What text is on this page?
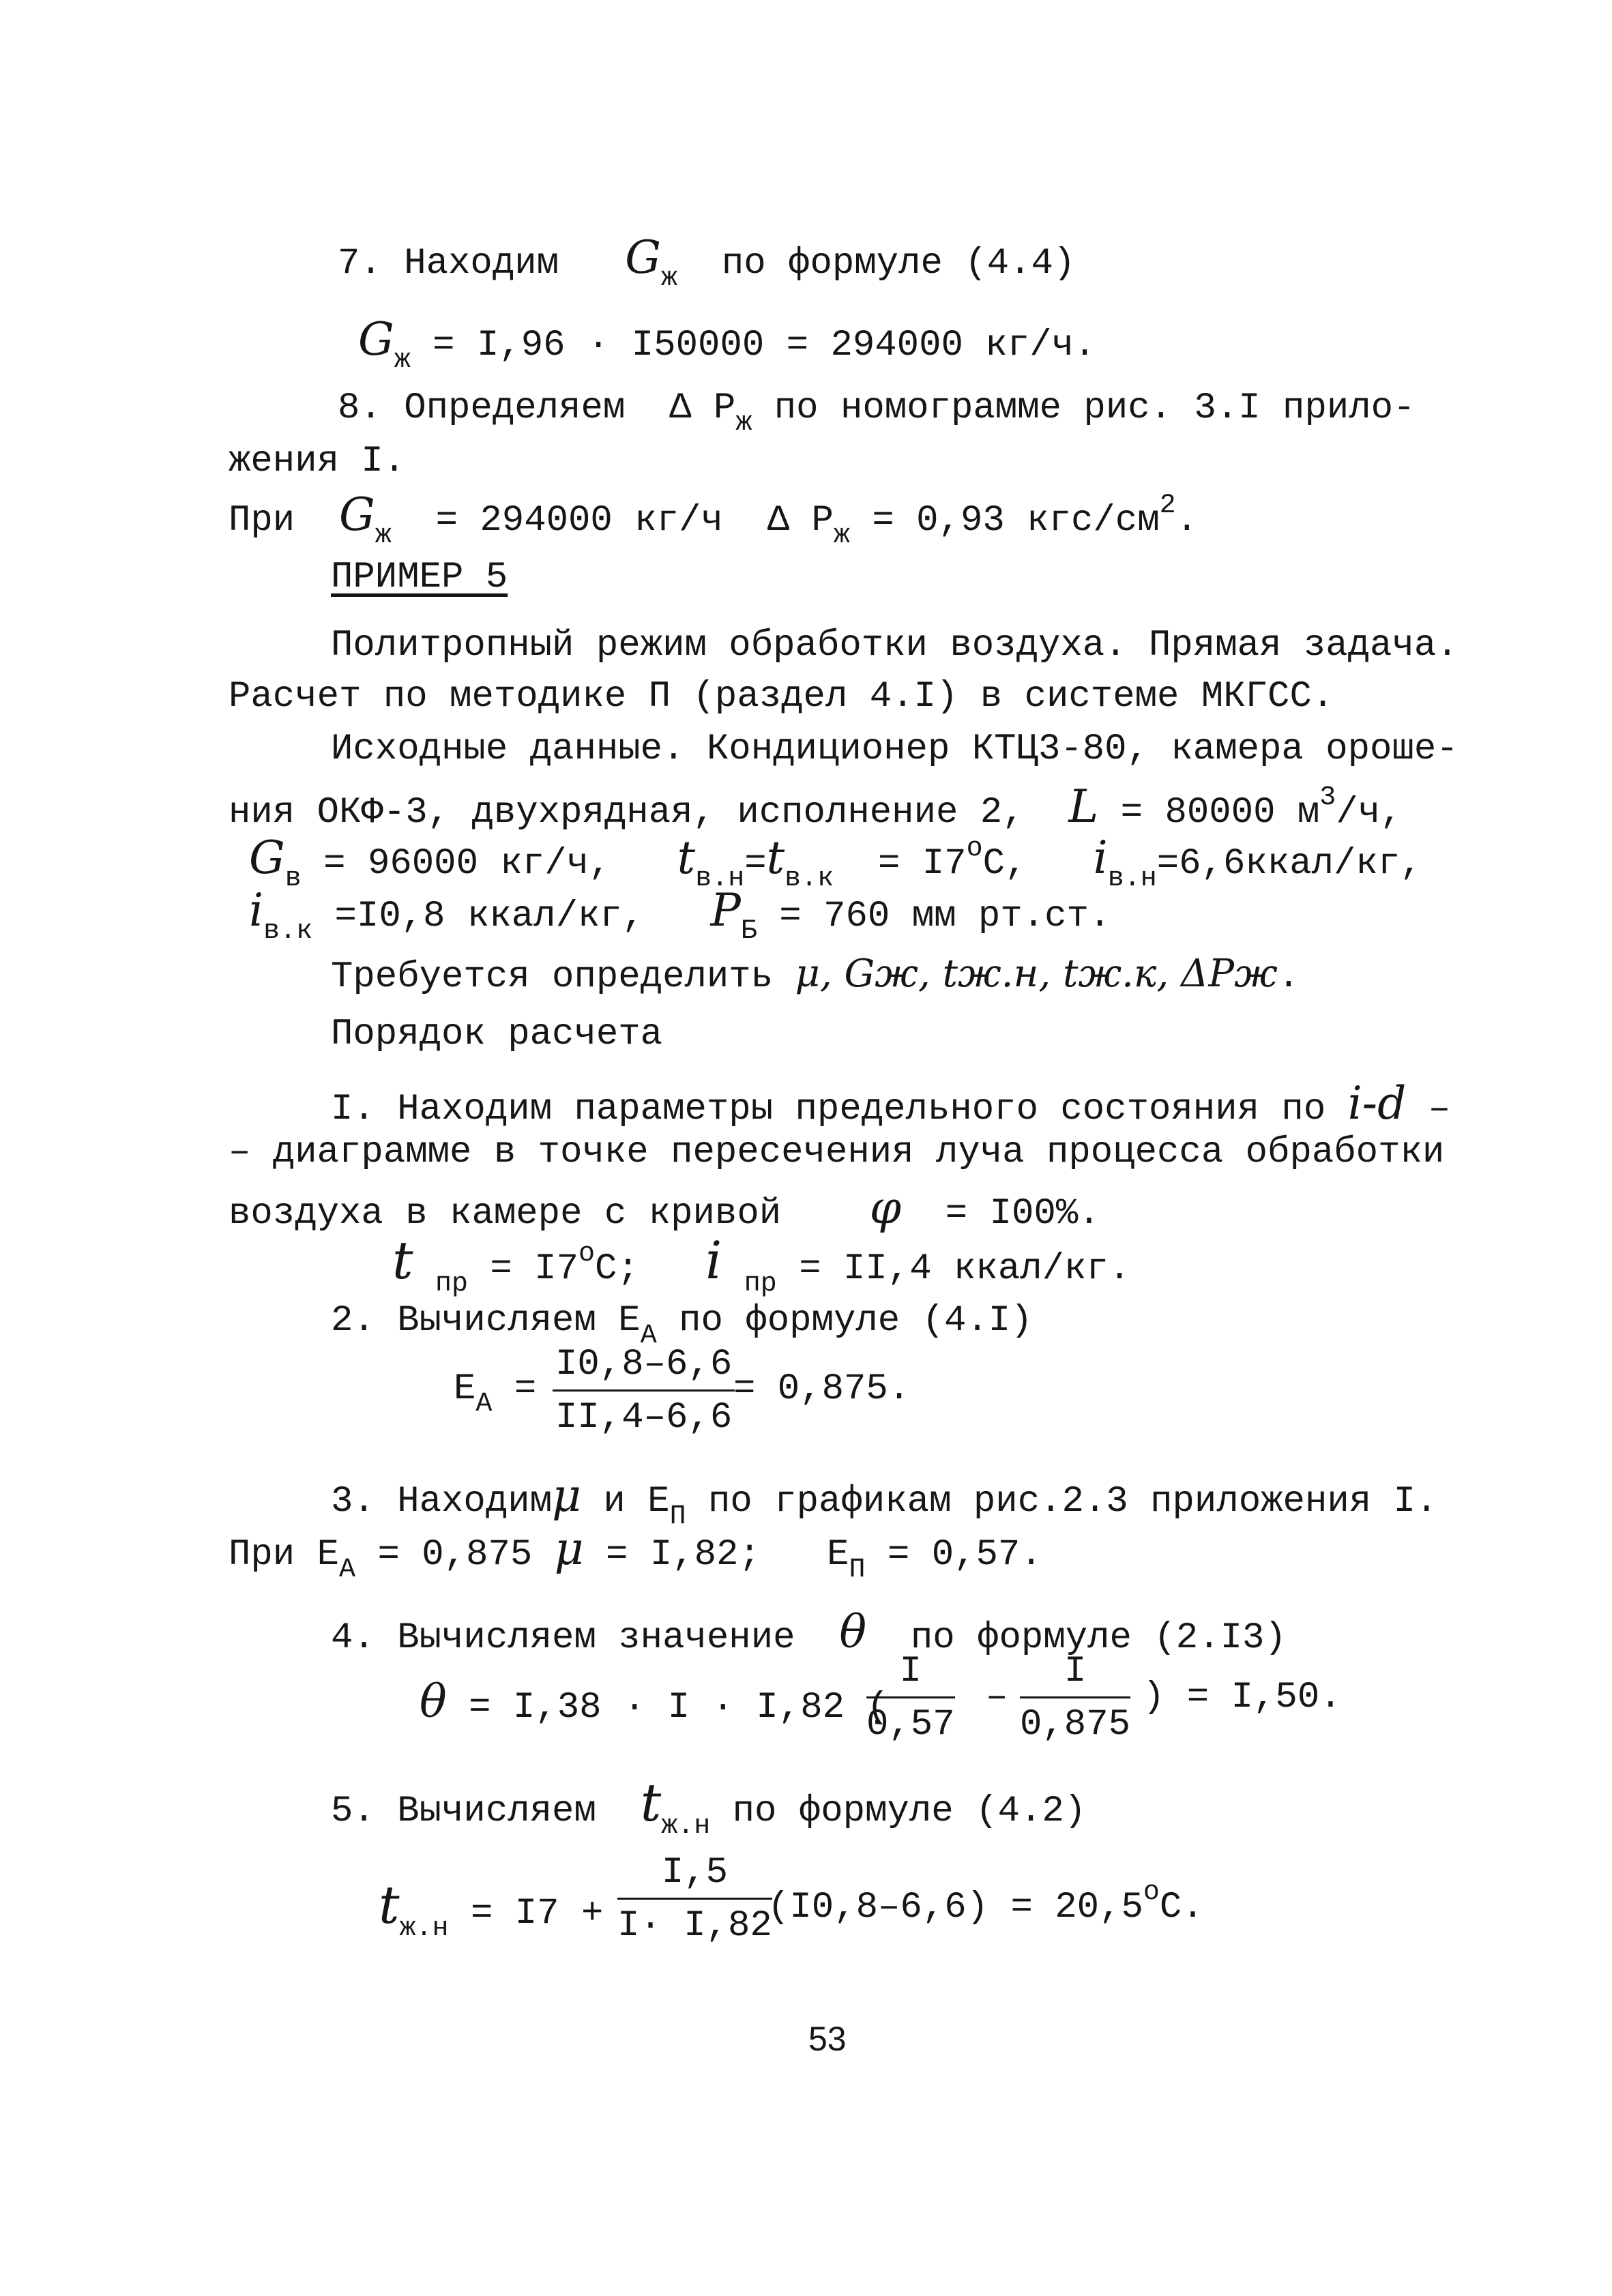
7. Находим $G_ж$ по формуле (4.4)
$G_ж = I,96 \cdot I50000 = 294000$ кг/ч.
8. Определяем Δ $P_ж$ по номограмме рис. 3.I прило-
жения I.
При $G_ж = 294000$ кг/ч Δ $P_ж = 0,93$ кгс/$см^2$.
ПРИМЕР 5
Политропный режим обработки воздуха. Прямая задача.
Расчет по методике П (раздел 4.I) в системе МКГСС.
Исходные данные. Кондиционер КТЦ3-80, камера ороше-
ния ОКФ-3, двухрядная, исполнение 2, L = 80000 $м^3/ч$,
$G_в = 96000$ кг/ч, $t_{в.н}=t_{в.к} = I7^oC$, $i_{в.н}=6,6ккал/кг$,
$i_{в.к} =I0,8$ ккал/кг, $P_Б = 760$ мм рт.ст.
Требуется определить μ, Gж, tж.н, tж.к, ΔPж.
Порядок расчета
I. Находим параметры предельного состояния по i-d –
– диаграмме в точке пересечения луча процесса обработки
воздуха в камере с кривой φ = I00%.
t $_{пр} = I7^oC$; i $_{пр}$ = II,4 ккал/кг.
2. Вычисляем $E_A$ по формуле (4.I)
$E_A = \frac{I0,8-6,6}{II,4-6,6}$
= 0,875.
3. Находимμ и $E_П$ по графикам рис.2.3 приложения I.
При $E_A = 0,875$ μ = I,82; $E_П = 0,57$.
4. Вычисляем значение θ по формуле (2.I3)
θ = I,38 · I · I,82 (
$\frac{I}{0,57} - \frac{I}{0,875}$ ) = I,50.
5. Вычисляем $t_{ж.н}$ по формуле (4.2)
$t_{ж.н} = I7 + \frac{I,5}{I\cdot I,82}$
$(I0,8-6,6) = 20,5^oC$.
53
